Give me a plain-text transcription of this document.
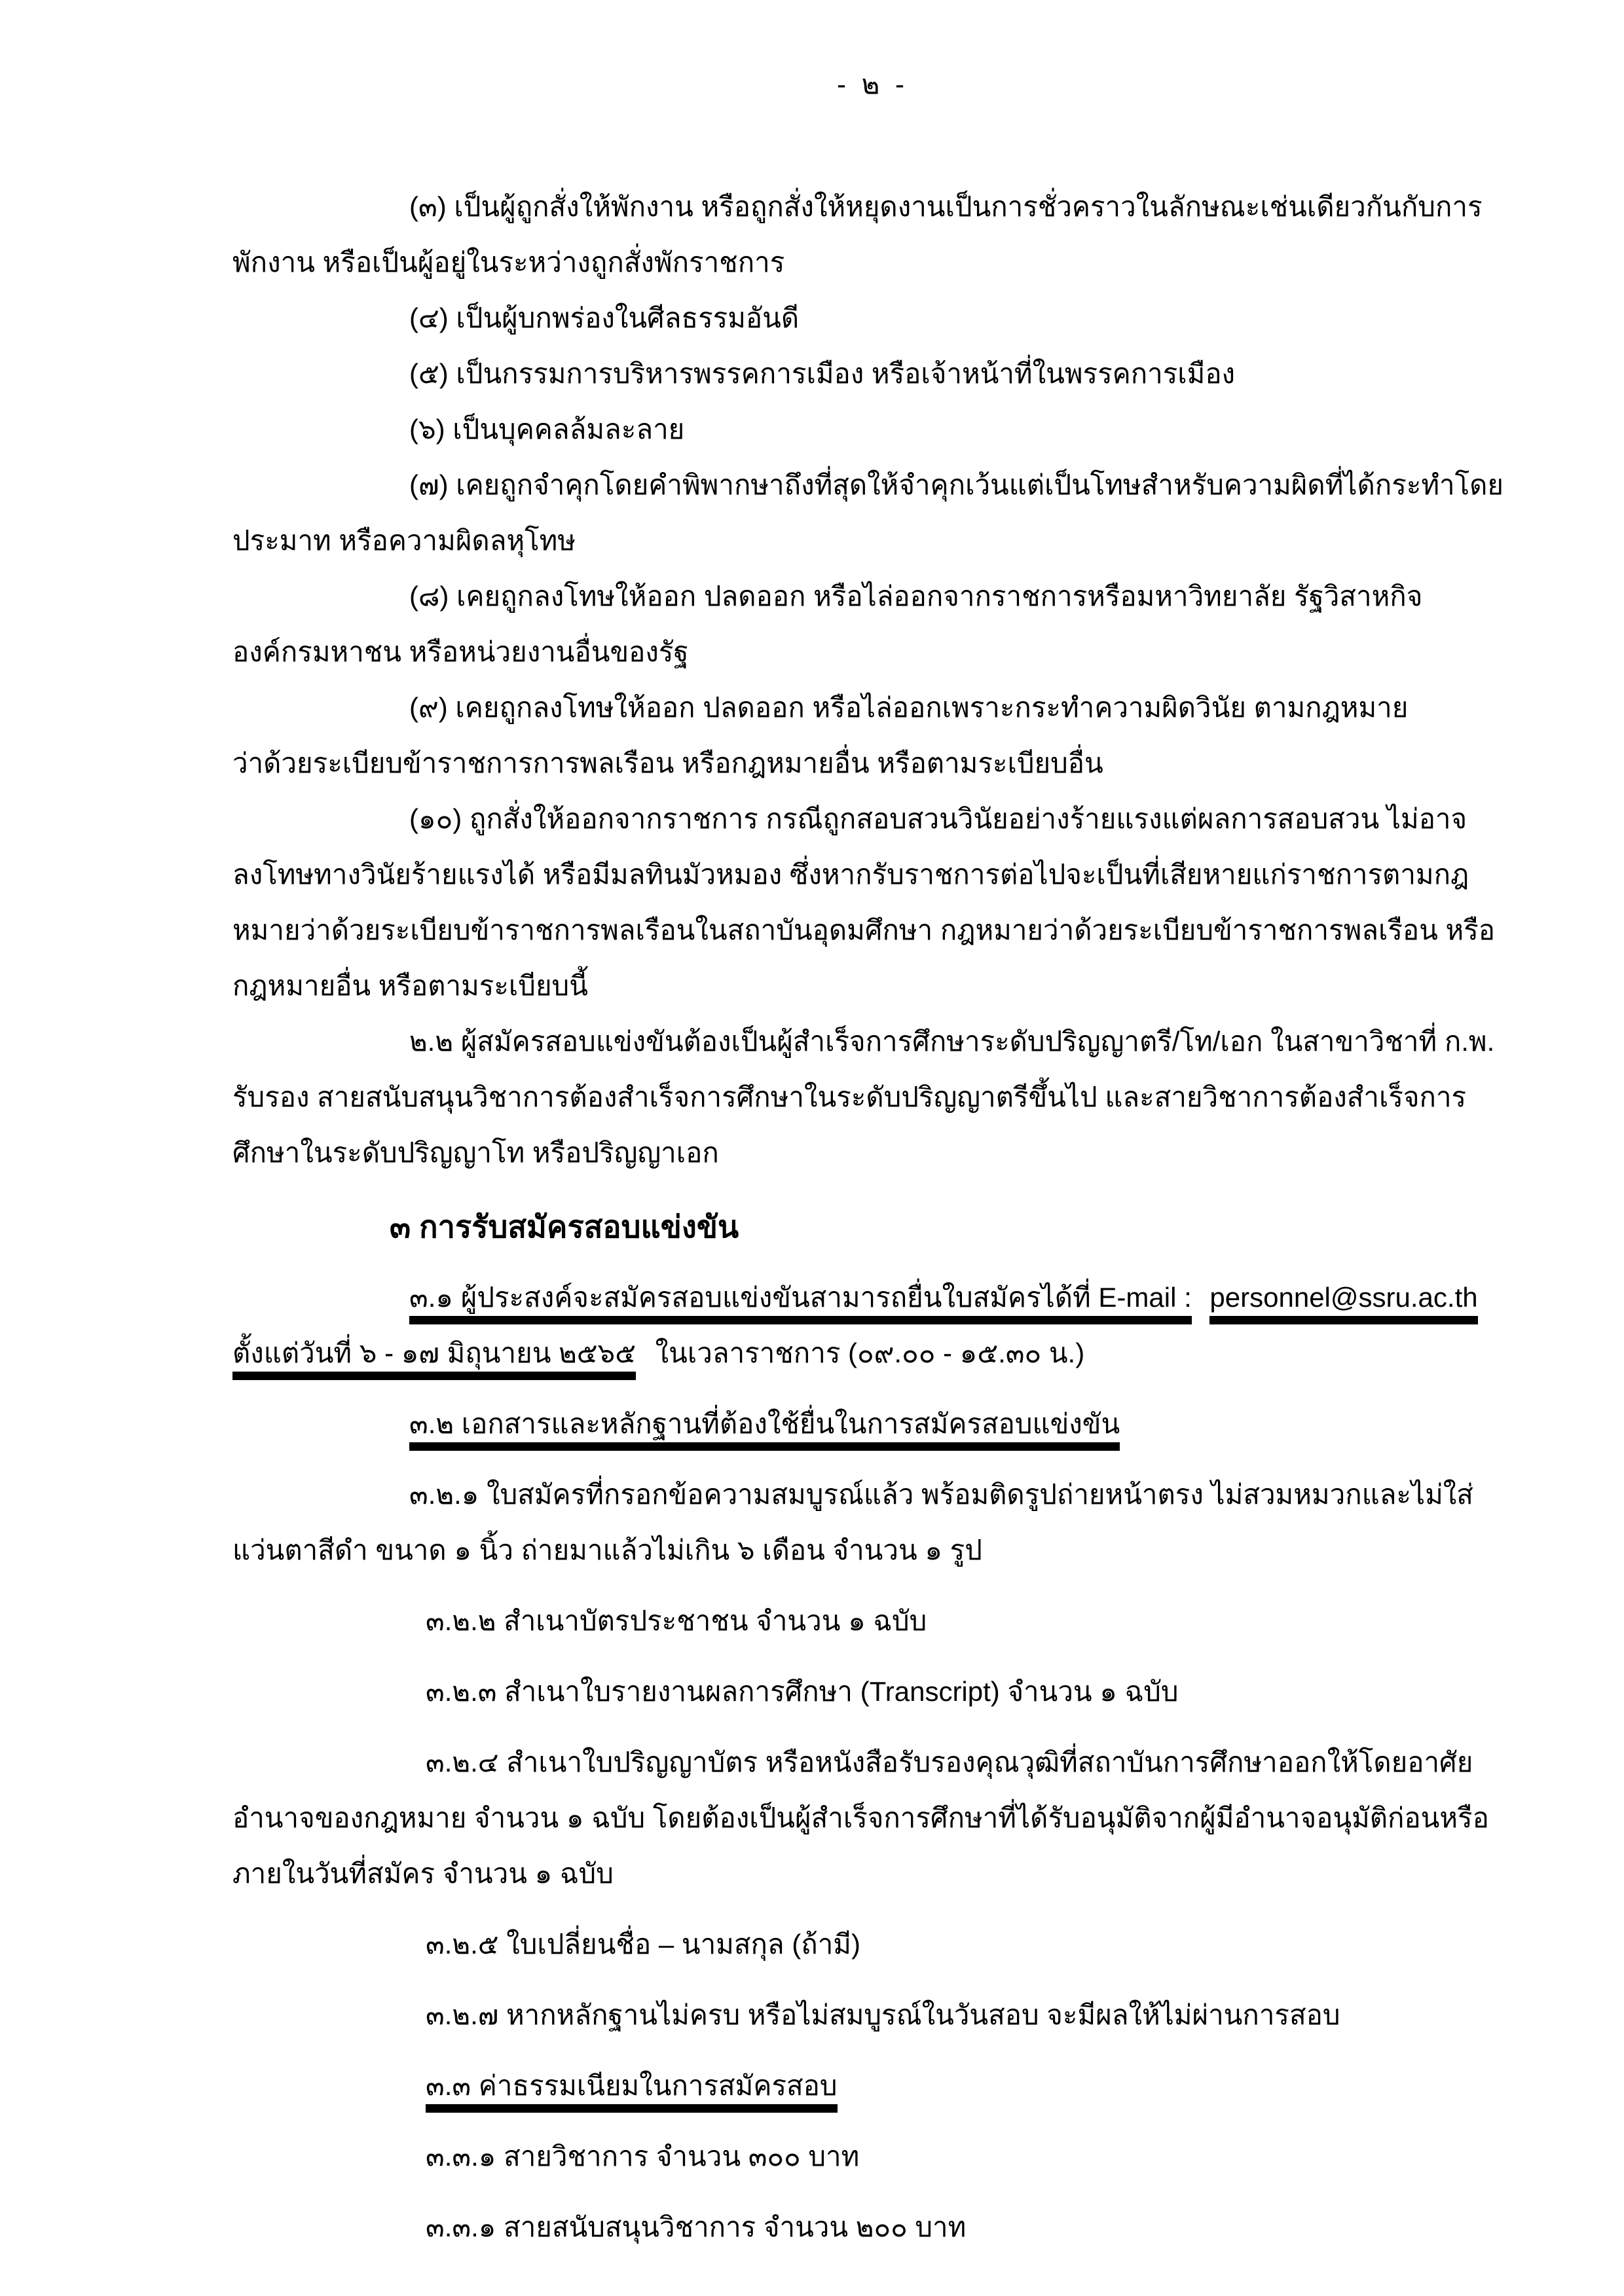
- ๒ -
(๓) เป็นผู้ถูกสั่งให้พักงาน หรือถูกสั่งให้หยุดงานเป็นการชั่วคราวในลักษณะเช่นเดียวกันกับการ
พักงาน หรือเป็นผู้อยู่ในระหว่างถูกสั่งพักราชการ
(๔) เป็นผู้บกพร่องในศีลธรรมอันดี
(๕) เป็นกรรมการบริหารพรรคการเมือง หรือเจ้าหน้าที่ในพรรคการเมือง
(๖) เป็นบุคคลล้มละลาย
(๗) เคยถูกจำคุกโดยคำพิพากษาถึงที่สุดให้จำคุกเว้นแต่เป็นโทษสำหรับความผิดที่ได้กระทำโดย
ประมาท หรือความผิดลหุโทษ
(๘) เคยถูกลงโทษให้ออก ปลดออก หรือไล่ออกจากราชการหรือมหาวิทยาลัย รัฐวิสาหกิจ
องค์กรมหาชน หรือหน่วยงานอื่นของรัฐ
(๙) เคยถูกลงโทษให้ออก ปลดออก หรือไล่ออกเพราะกระทำความผิดวินัย ตามกฎหมาย
ว่าด้วยระเบียบข้าราชการการพลเรือน หรือกฎหมายอื่น หรือตามระเบียบอื่น
(๑๐) ถูกสั่งให้ออกจากราชการ กรณีถูกสอบสวนวินัยอย่างร้ายแรงแต่ผลการสอบสวน ไม่อาจ
ลงโทษทางวินัยร้ายแรงได้ หรือมีมลทินมัวหมอง ซึ่งหากรับราชการต่อไปจะเป็นที่เสียหายแก่ราชการตามกฎ
หมายว่าด้วยระเบียบข้าราชการพลเรือนในสถาบันอุดมศึกษา กฎหมายว่าด้วยระเบียบข้าราชการพลเรือน หรือ
กฎหมายอื่น หรือตามระเบียบนี้
๒.๒ ผู้สมัครสอบแข่งขันต้องเป็นผู้สำเร็จการศึกษาระดับปริญญาตรี/โท/เอก ในสาขาวิชาที่ ก.พ.
รับรอง สายสนับสนุนวิชาการต้องสำเร็จการศึกษาในระดับปริญญาตรีขึ้นไป และสายวิชาการต้องสำเร็จการ
ศึกษาในระดับปริญญาโท หรือปริญญาเอก
๓ การรับสมัครสอบแข่งขัน
๓.๑ ผู้ประสงค์จะสมัครสอบแข่งขันสามารถยื่นใบสมัครได้ที่ E-mail : personnel@ssru.ac.th
ตั้งแต่วันที่ ๖ - ๑๗ มิถุนายน ๒๕๖๕ ในเวลาราชการ (๐๙.๐๐ - ๑๕.๓๐ น.)
๓.๒ เอกสารและหลักฐานที่ต้องใช้ยื่นในการสมัครสอบแข่งขัน
๓.๒.๑ ใบสมัครที่กรอกข้อความสมบูรณ์แล้ว พร้อมติดรูปถ่ายหน้าตรง ไม่สวมหมวกและไม่ใส่
แว่นตาสีดำ ขนาด ๑ นิ้ว ถ่ายมาแล้วไม่เกิน ๖ เดือน จำนวน ๑ รูป
๓.๒.๒ สำเนาบัตรประชาชน จำนวน ๑ ฉบับ
๓.๒.๓ สำเนาใบรายงานผลการศึกษา (Transcript) จำนวน ๑ ฉบับ
๓.๒.๔ สำเนาใบปริญญาบัตร หรือหนังสือรับรองคุณวุฒิที่สถาบันการศึกษาออกให้โดยอาศัย
อำนาจของกฎหมาย จำนวน ๑ ฉบับ โดยต้องเป็นผู้สำเร็จการศึกษาที่ได้รับอนุมัติจากผู้มีอำนาจอนุมัติก่อนหรือ
ภายในวันที่สมัคร จำนวน ๑ ฉบับ
๓.๒.๕ ใบเปลี่ยนชื่อ – นามสกุล (ถ้ามี)
๓.๒.๗ หากหลักฐานไม่ครบ หรือไม่สมบูรณ์ในวันสอบ จะมีผลให้ไม่ผ่านการสอบ
๓.๓ ค่าธรรมเนียมในการสมัครสอบ
๓.๓.๑ สายวิชาการ จำนวน ๓๐๐ บาท
๓.๓.๑ สายสนับสนุนวิชาการ จำนวน ๒๐๐ บาท
